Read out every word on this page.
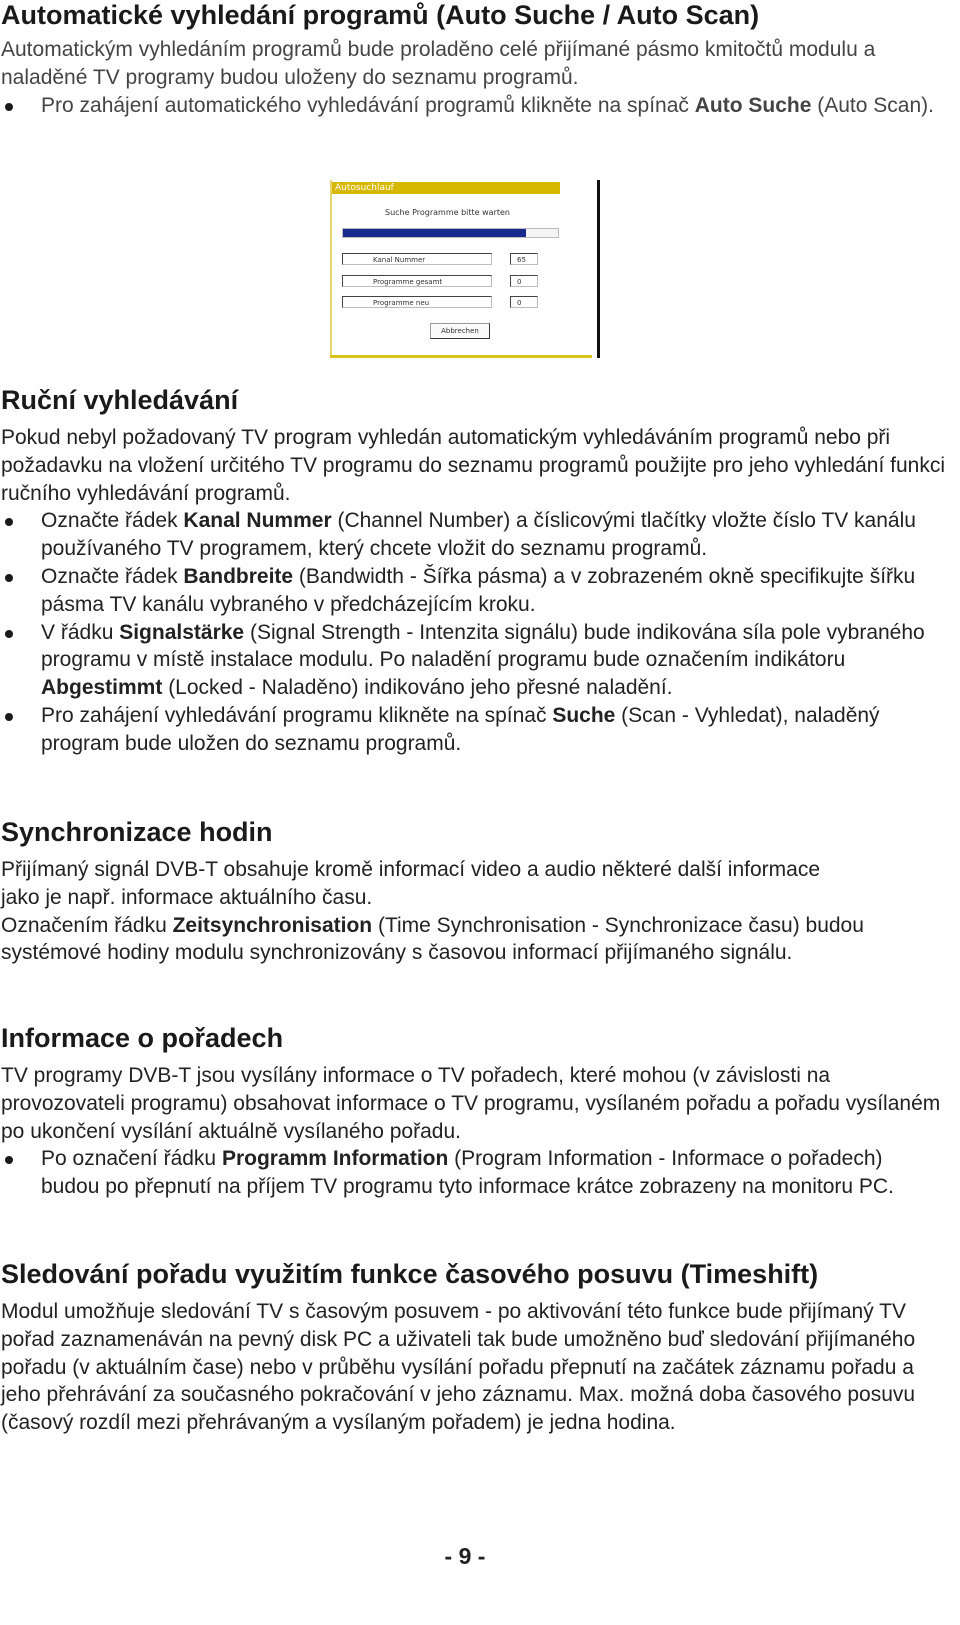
Automatické vyhledání programů (Auto Suche / Auto Scan)

Automatickým vyhledáním programů bude proladěno celé přijímané pásmo kmitočtů modulu a naladěné TV programy budou uloženy do seznamu programů.

Pro zahájení automatického vyhledávání programů klikněte na spínač Auto Suche (Auto Scan).

Autosuchlauf
Suche Programme bitte warten
Kanal Nummer	65
Programme gesamt	0
Programme neu	0
Abbrechen
Ruční vyhledávání

Pokud nebyl požadovaný TV program vyhledán automatickým vyhledáváním programů nebo při požadavku na vložení určitého TV programu do seznamu programů použijte pro jeho vyhledání funkci ručního vyhledávání programů.

Označte řádek Kanal Nummer (Channel Number) a číslicovými tlačítky vložte číslo TV kanálu používaného TV programem, který chcete vložit do seznamu programů.

Označte řádek Bandbreite (Bandwidth - Šířka pásma) a v zobrazeném okně specifikujte šířku pásma TV kanálu vybraného v předcházejícím kroku.

V řádku Signalstärke (Signal Strength - Intenzita signálu) bude indikována síla pole vybraného programu v místě instalace modulu. Po naladění programu bude označením indikátoru Abgestimmt (Locked - Naladěno) indikováno jeho přesné naladění.

Pro zahájení vyhledávání programu klikněte na spínač Suche (Scan - Vyhledat), naladěný program bude uložen do seznamu programů.

Synchronizace hodin

Přijímaný signál DVB-T obsahuje kromě informací video a audio některé další informace jako je např. informace aktuálního času.

Označením řádku Zeitsynchronisation (Time Synchronisation - Synchronizace času) budou systémové hodiny modulu synchronizovány s časovou informací přijímaného signálu.

Informace o pořadech

TV programy DVB-T jsou vysílány informace o TV pořadech, které mohou (v závislosti na provozovateli programu) obsahovat informace o TV programu, vysílaném pořadu a pořadu vysílaném po ukončení vysílání aktuálně vysílaného pořadu.

Po označení řádku Programm Information (Program Information - Informace o pořadech) budou po přepnutí na příjem TV programu tyto informace krátce zobrazeny na monitoru PC.

Sledování pořadu využitím funkce časového posuvu (Timeshift)

Modul umožňuje sledování TV s časovým posuvem - po aktivování této funkce bude přijímaný TV pořad zaznamenáván na pevný disk PC a uživateli tak bude umožněno buď sledování přijímaného pořadu (v aktuálním čase) nebo v průběhu vysílání pořadu přepnutí na začátek záznamu pořadu a jeho přehrávání za současného pokračování v jeho záznamu. Max. možná doba časového posuvu (časový rozdíl mezi přehrávaným a vysílaným pořadem) je jedna hodina.

- 9 -
